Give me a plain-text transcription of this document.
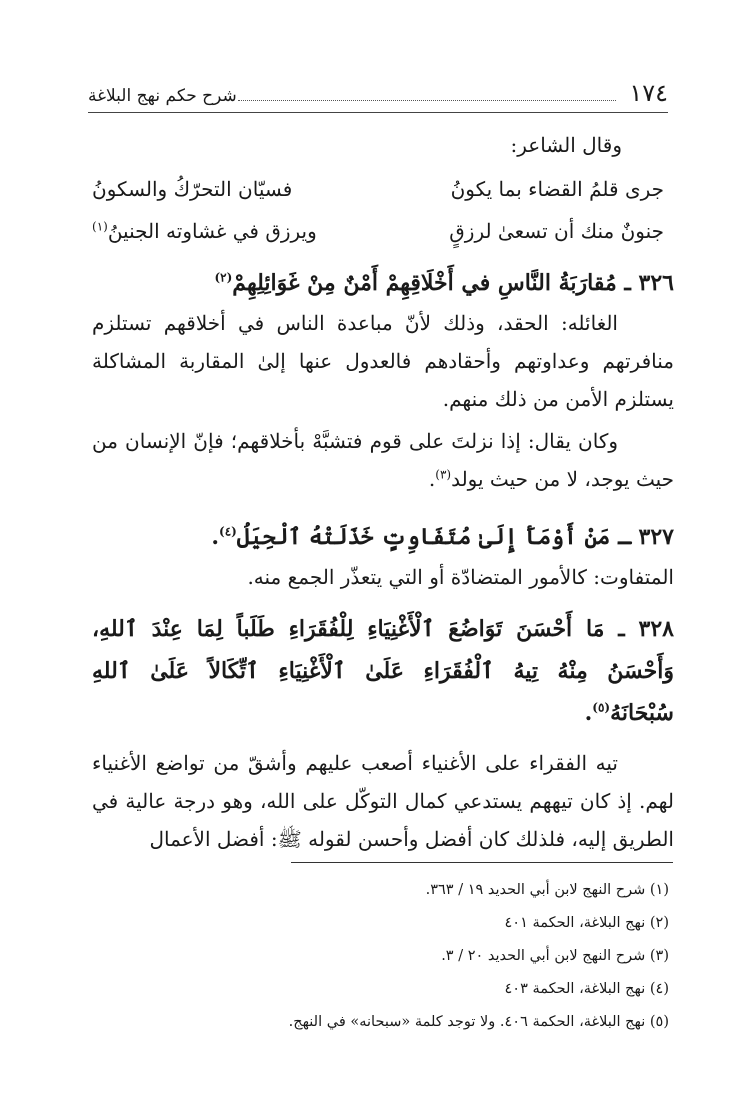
١٧٤
شرح حكم نهج البلاغة

وقال الشاعر:

جرى قلمُ القضاء بما يكونُ
فسيّان التحرّكُ والسكونُ
جنونٌ منك أن تسعىٰ لرزقٍ
ويرزق في غشاوته الجنينُ$^{(١)}$

٣٢٦ ـ مُقارَبَةُ النَّاسِ في أَخْلَاقِهِمْ أَمْنٌ مِنْ غَوَائِلِهِمْ$^{(٢)}$

الغائله: الحقد، وذلك لأنّ مباعدة الناس في أخلاقهم تستلزم منافرتهم وعداوتهم وأحقادهم فالعدول عنها إلىٰ المقاربة المشاكلة يستلزم الأمن من ذلك منهم.

وكان يقال: إذا نزلتَ على قوم فتشبَّهْ بأخلاقهم؛ فإنّ الإنسان من حيث يوجد، لا من حيث يولد$^{(٣)}$.

٣٢٧ ـ مَنْ أَوْمَأَ إِلَىٰ مُتَفَاوِتٍ خَذَلَتْهُ ٱلْحِيَلُ$^{(٤)}$.

المتفاوت: كالأمور المتضادّة أو التي يتعذّر الجمع منه.

٣٢٨ ـ مَا أَحْسَنَ تَوَاضُعَ ٱلْأَغْنِيَاءِ لِلْفُقَرَاءِ طَلَباً لِمَا عِنْدَ ٱللهِ، وَأَحْسَنُ مِنْهُ تِيهُ ٱلْفُقَرَاءِ عَلَىٰ ٱلْأَغْنِيَاءِ ٱتِّكَالاً عَلَىٰ ٱللهِ سُبْحَانَهُ$^{(٥)}$.

تيه الفقراء على الأغنياء أصعب عليهم وأشقّ من تواضع الأغنياء لهم. إذ كان تيههم يستدعي كمال التوكّل على الله، وهو درجة عالية في الطريق إليه، فلذلك كان أفضل وأحسن لقوله ﷺ: أفضل الأعمال

(١) شرح النهج لابن أبي الحديد ١٩ / ٣٦٣.
(٢) نهج البلاغة، الحكمة ٤٠١
(٣) شرح النهج لابن أبي الحديد ٢٠ / ٣.
(٤) نهج البلاغة، الحكمة ٤٠٣
(٥) نهج البلاغة، الحكمة ٤٠٦. ولا توجد كلمة «سبحانه» في النهج.
